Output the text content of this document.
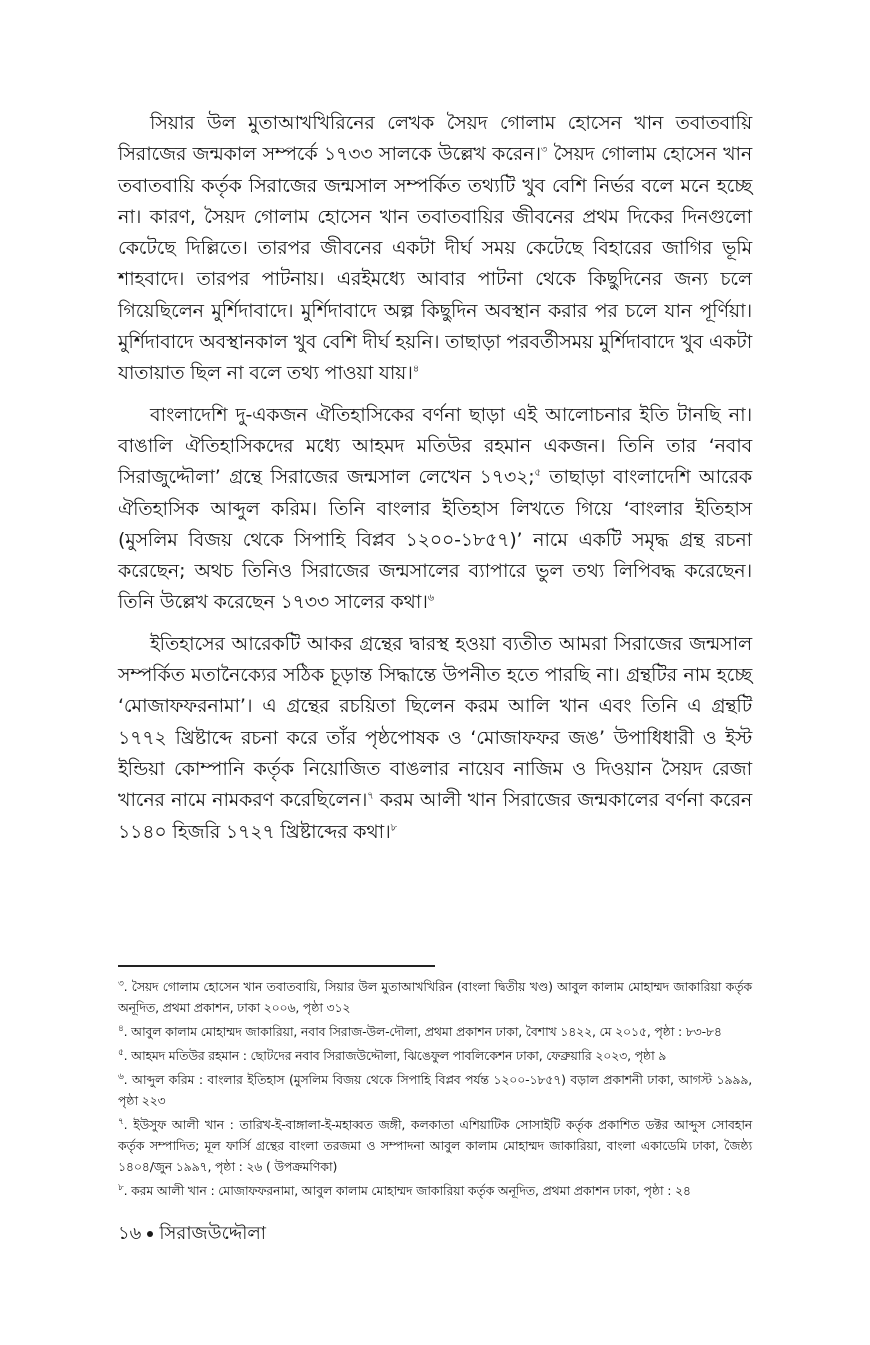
সিয়ার উল মুতাআখখিরিনের লেখক সৈয়দ গোলাম হোসেন খান তবাতবায়ি সিরাজের জন্মকাল সম্পর্কে ১৭৩৩ সালকে উল্লেখ করেন।$^৩$ সৈয়দ গোলাম হোসেন খান তবাতবায়ি কর্তৃক সিরাজের জন্মসাল সম্পর্কিত তথ্যটি খুব বেশি নির্ভর বলে মনে হচ্ছে না। কারণ, সৈয়দ গোলাম হোসেন খান তবাতবায়ির জীবনের প্রথম দিকের দিনগুলো কেটেছে দিল্লিতে। তারপর জীবনের একটা দীর্ঘ সময় কেটেছে বিহারের জাগির ভূমি শাহবাদে। তারপর পাটনায়। এরইমধ্যে আবার পাটনা থেকে কিছুদিনের জন্য চলে গিয়েছিলেন মুর্শিদাবাদে। মুর্শিদাবাদে অল্প কিছুদিন অবস্থান করার পর চলে যান পূর্ণিয়া। মুর্শিদাবাদে অবস্থানকাল খুব বেশি দীর্ঘ হয়নি। তাছাড়া পরবর্তীসময় মুর্শিদাবাদে খুব একটা যাতায়াত ছিল না বলে তথ্য পাওয়া যায়।$^৪$

বাংলাদেশি দু-একজন ঐতিহাসিকের বর্ণনা ছাড়া এই আলোচনার ইতি টানছি না। বাঙালি ঐতিহাসিকদের মধ্যে আহমদ মতিউর রহমান একজন। তিনি তার ‘নবাব সিরাজুদ্দৌলা’ গ্রন্থে সিরাজের জন্মসাল লেখেন ১৭৩২;$^৫$ তাছাড়া বাংলাদেশি আরেক ঐতিহাসিক আব্দুল করিম। তিনি বাংলার ইতিহাস লিখতে গিয়ে ‘বাংলার ইতিহাস (মুসলিম বিজয় থেকে সিপাহি বিপ্লব ১২০০-১৮৫৭)’ নামে একটি সমৃদ্ধ গ্রন্থ রচনা করেছেন; অথচ তিনিও সিরাজের জন্মসালের ব্যাপারে ভুল তথ্য লিপিবদ্ধ করেছেন। তিনি উল্লেখ করেছেন ১৭৩৩ সালের কথা।$^৬$

ইতিহাসের আরেকটি আকর গ্রন্থের দ্বারস্থ হওয়া ব্যতীত আমরা সিরাজের জন্মসাল সম্পর্কিত মতানৈক্যের সঠিক চূড়ান্ত সিদ্ধান্তে উপনীত হতে পারছি না। গ্রন্থটির নাম হচ্ছে ‘মোজাফফরনামা’। এ গ্রন্থের রচয়িতা ছিলেন করম আলি খান এবং তিনি এ গ্রন্থটি ১৭৭২ খ্রিষ্টাব্দে রচনা করে তাঁর পৃষ্ঠপোষক ও ‘মোজাফফর জঙ’ উপাধিধারী ও ইস্ট ইন্ডিয়া কোম্পানি কর্তৃক নিয়োজিত বাঙলার নায়েব নাজিম ও দিওয়ান সৈয়দ রেজা খানের নামে নামকরণ করেছিলেন।$^৭$ করম আলী খান সিরাজের জন্মকালের বর্ণনা করেন ১১৪০ হিজরি ১৭২৭ খ্রিষ্টাব্দের কথা।$^৮$

$^৩$. সৈয়দ গোলাম হোসেন খান তবাতবায়ি, সিয়ার উল মুতাআখখিরিন (বাংলা দ্বিতীয় খণ্ড) আবুল কালাম মোহাম্মদ জাকারিয়া কর্তৃক অনূদিত, প্রথমা প্রকাশন, ঢাকা ২০০৬, পৃষ্ঠা ৩১২

$^৪$. আবুল কালাম মোহাম্মদ জাকারিয়া, নবাব সিরাজ-উল-দৌলা, প্রথমা প্রকাশন ঢাকা, বৈশাখ ১৪২২, মে ২০১৫, পৃষ্ঠা : ৮৩-৮৪

$^৫$. আহমদ মতিউর রহমান : ছোটদের নবাব সিরাজউদ্দৌলা, ঝিঙেফুল পাবলিকেশন ঢাকা, ফেব্রুয়ারি ২০২৩, পৃষ্ঠা ৯

$^৬$. আব্দুল করিম : বাংলার ইতিহাস (মুসলিম বিজয় থেকে সিপাহি বিপ্লব পর্যন্ত ১২০০-১৮৫৭) বড়াল প্রকাশনী ঢাকা, আগস্ট ১৯৯৯, পৃষ্ঠা ২২৩

$^৭$. ইউসুফ আলী খান : তারিখ-ই-বাঙ্গালা-ই-মহাব্বত জঙ্গী, কলকাতা এশিয়াটিক সোসাইটি কর্তৃক প্রকাশিত ডক্টর আব্দুস সোবহান কর্তৃক সম্পাদিত; মূল ফার্সি গ্রন্থের বাংলা তরজমা ও সম্পাদনা আবুল কালাম মোহাম্মদ জাকারিয়া, বাংলা একাডেমি ঢাকা, জৈষ্ঠ্য ১৪০৪/জুন ১৯৯৭, পৃষ্ঠা : ২৬ ( উপক্রমণিকা)

$^৮$. করম আলী খান : মোজাফফরনামা, আবুল কালাম মোহাম্মদ জাকারিয়া কর্তৃক অনূদিত, প্রথমা প্রকাশন ঢাকা, পৃষ্ঠা : ২৪

১৬ সিরাজউদ্দৌলা
